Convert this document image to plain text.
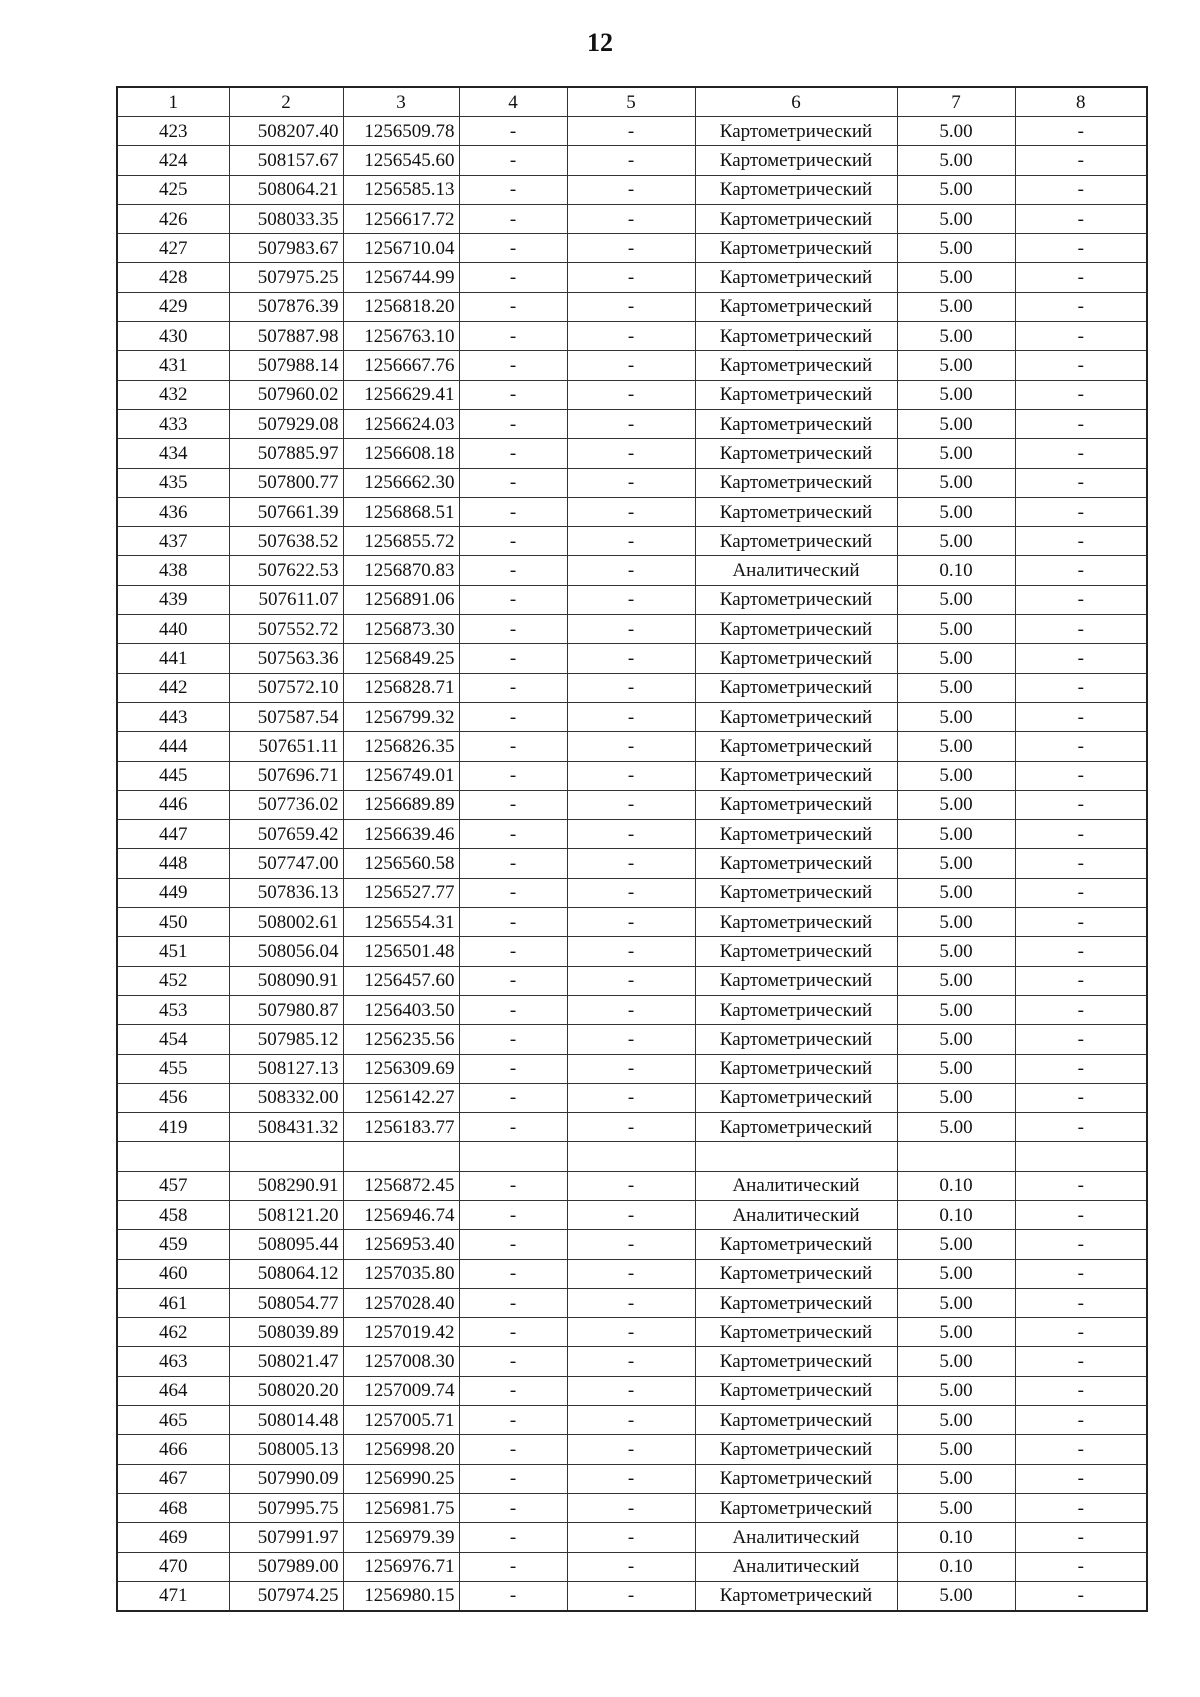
12
1	2	3	4	5	6	7	8
423	508207.40	1256509.78	-	-	Картометрический	5.00	-
424	508157.67	1256545.60	-	-	Картометрический	5.00	-
425	508064.21	1256585.13	-	-	Картометрический	5.00	-
426	508033.35	1256617.72	-	-	Картометрический	5.00	-
427	507983.67	1256710.04	-	-	Картометрический	5.00	-
428	507975.25	1256744.99	-	-	Картометрический	5.00	-
429	507876.39	1256818.20	-	-	Картометрический	5.00	-
430	507887.98	1256763.10	-	-	Картометрический	5.00	-
431	507988.14	1256667.76	-	-	Картометрический	5.00	-
432	507960.02	1256629.41	-	-	Картометрический	5.00	-
433	507929.08	1256624.03	-	-	Картометрический	5.00	-
434	507885.97	1256608.18	-	-	Картометрический	5.00	-
435	507800.77	1256662.30	-	-	Картометрический	5.00	-
436	507661.39	1256868.51	-	-	Картометрический	5.00	-
437	507638.52	1256855.72	-	-	Картометрический	5.00	-
438	507622.53	1256870.83	-	-	Аналитический	0.10	-
439	507611.07	1256891.06	-	-	Картометрический	5.00	-
440	507552.72	1256873.30	-	-	Картометрический	5.00	-
441	507563.36	1256849.25	-	-	Картометрический	5.00	-
442	507572.10	1256828.71	-	-	Картометрический	5.00	-
443	507587.54	1256799.32	-	-	Картометрический	5.00	-
444	507651.11	1256826.35	-	-	Картометрический	5.00	-
445	507696.71	1256749.01	-	-	Картометрический	5.00	-
446	507736.02	1256689.89	-	-	Картометрический	5.00	-
447	507659.42	1256639.46	-	-	Картометрический	5.00	-
448	507747.00	1256560.58	-	-	Картометрический	5.00	-
449	507836.13	1256527.77	-	-	Картометрический	5.00	-
450	508002.61	1256554.31	-	-	Картометрический	5.00	-
451	508056.04	1256501.48	-	-	Картометрический	5.00	-
452	508090.91	1256457.60	-	-	Картометрический	5.00	-
453	507980.87	1256403.50	-	-	Картометрический	5.00	-
454	507985.12	1256235.56	-	-	Картометрический	5.00	-
455	508127.13	1256309.69	-	-	Картометрический	5.00	-
456	508332.00	1256142.27	-	-	Картометрический	5.00	-
419	508431.32	1256183.77	-	-	Картометрический	5.00	-

457	508290.91	1256872.45	-	-	Аналитический	0.10	-
458	508121.20	1256946.74	-	-	Аналитический	0.10	-
459	508095.44	1256953.40	-	-	Картометрический	5.00	-
460	508064.12	1257035.80	-	-	Картометрический	5.00	-
461	508054.77	1257028.40	-	-	Картометрический	5.00	-
462	508039.89	1257019.42	-	-	Картометрический	5.00	-
463	508021.47	1257008.30	-	-	Картометрический	5.00	-
464	508020.20	1257009.74	-	-	Картометрический	5.00	-
465	508014.48	1257005.71	-	-	Картометрический	5.00	-
466	508005.13	1256998.20	-	-	Картометрический	5.00	-
467	507990.09	1256990.25	-	-	Картометрический	5.00	-
468	507995.75	1256981.75	-	-	Картометрический	5.00	-
469	507991.97	1256979.39	-	-	Аналитический	0.10	-
470	507989.00	1256976.71	-	-	Аналитический	0.10	-
471	507974.25	1256980.15	-	-	Картометрический	5.00	-
